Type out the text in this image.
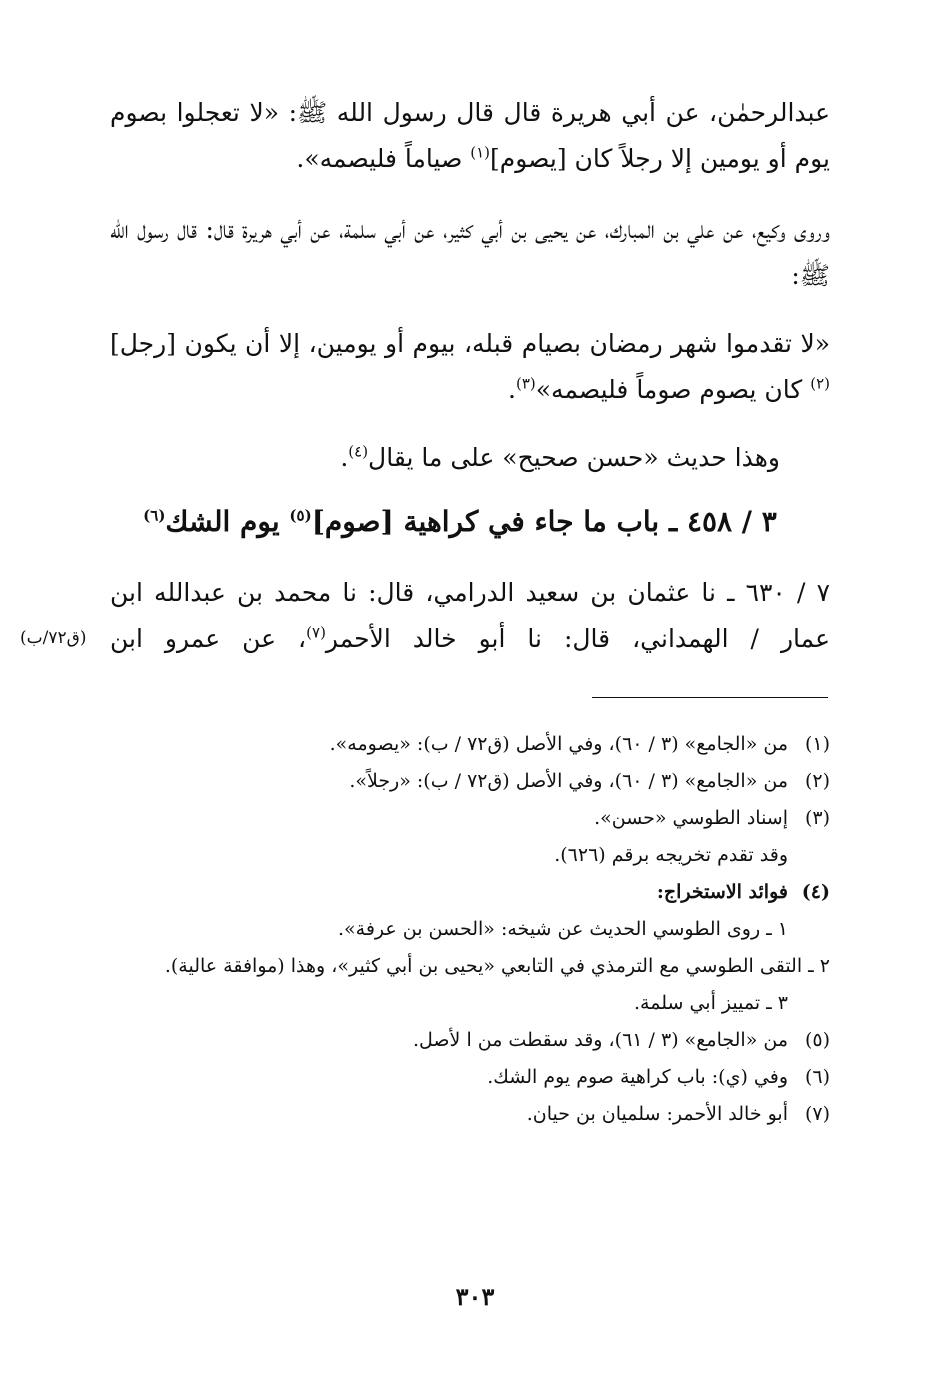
عبدالرحمٰن، عن أبي هريرة قال قال رسول الله ﷺ: «لا تعجلوا بصوم يوم أو يومين إلا رجلاً كان [يصوم]$^{(١)}$ صياماً فليصمه».

وروى وكيع، عن علي بن المبارك، عن يحيى بن أبي كثير، عن أبي سلمة، عن أبي هريرة قال: قال رسول الله ﷺ:

«لا تقدموا شهر رمضان بصيام قبله، بيوم أو يومين، إلا أن يكون [رجل]$^{(٢)}$ كان يصوم صوماً فليصمه»$^{(٣)}$.

وهذا حديث «حسن صحيح» على ما يقال$^{(٤)}$.

٣ / ٤٥٨ ـ باب ما جاء في كراهية [صوم]$^{(٥)}$ يوم الشك$^{(٦)}$

٧ / ٦٣٠ ـ نا عثمان بن سعيد الدرامي، قال: نا محمد بن عبدالله ابن

عمار / الهمداني، قال: نا أبو خالد الأحمر$^{(٧)}$، عن عمرو ابن

(ق٧٢/ب)

(١)من «الجامع» (٣ / ٦٠)، وفي الأصل (ق٧٢ / ب): «يصومه».

(٢)من «الجامع» (٣ / ٦٠)، وفي الأصل (ق٧٢ / ب): «رجلاً».

(٣)إسناد الطوسي «حسن».

وقد تقدم تخريجه برقم (٦٢٦).

(٤)فوائد الاستخراج:

١ ـ روى الطوسي الحديث عن شيخه: «الحسن بن عرفة».

٢ ـ التقى الطوسي مع الترمذي في التابعي «يحيى بن أبي كثير»، وهذا (موافقة عالية).

٣ ـ تمييز أبي سلمة.

(٥)من «الجامع» (٣ / ٦١)، وقد سقطت من ا لأصل.

(٦)وفي (ي): باب كراهية صوم يوم الشك.

(٧)أبو خالد الأحمر: سلميان بن حيان.

٣٠٣
